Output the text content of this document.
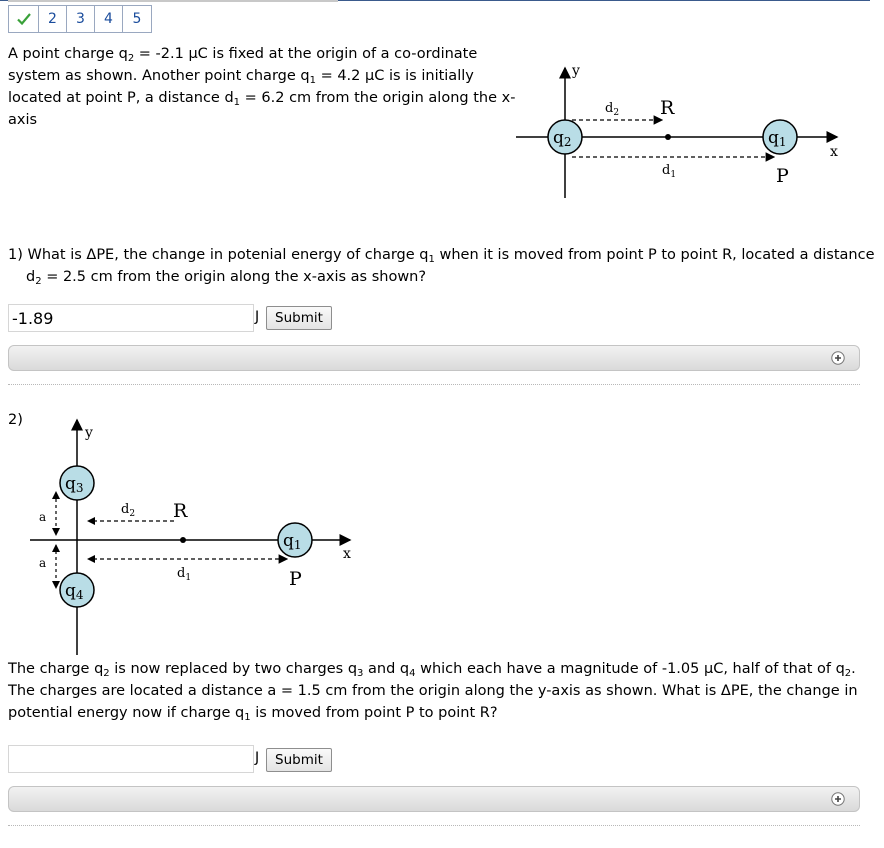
2	3	4	5
A point charge $q_2 = -2.1$ μC is fixed at the origin of a co-ordinate system as shown. Another point charge $q_1 = 4.2$ μC is is initially located at point P, a distance $d_1 = 6.2$ cm from the origin along the x-axis
y
x
$d_2$ R
$d_1$	P
q2	q1
1) What is ΔPE, the change in potenial energy of charge $q_1$ when it is moved from point P to point R, located a distance $d_2 = 2.5$ cm from the origin along the x-axis as shown?
-1.89
J	Submit
2)
y
x
a
a
$d_2$ R
$d_1$	P
q3
q4
q1
The charge $q_2$ is now replaced by two charges $q_3$ and $q_4$ which each have a magnitude of -1.05 μC, half of that of $q_2$. The charges are located a distance a = 1.5 cm from the origin along the y-axis as shown. What is ΔPE, the change in potential energy now if charge $q_1$ is moved from point P to point R?
J	Submit
